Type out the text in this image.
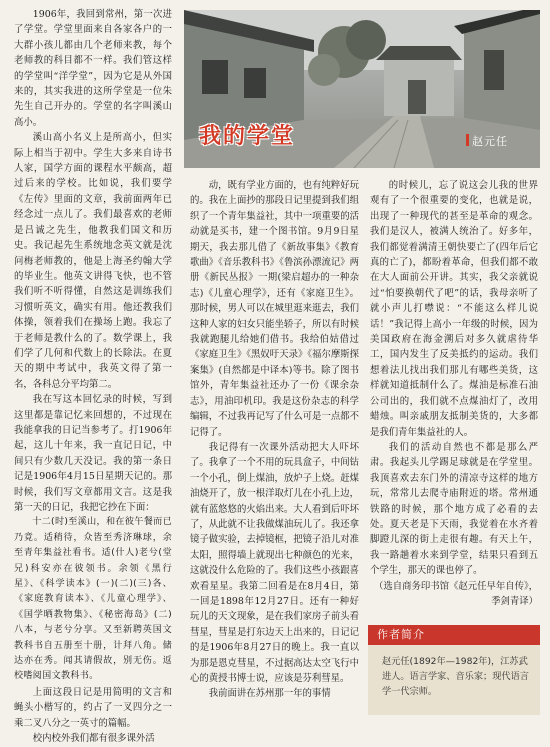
1906年，我回到常州，第一次进了学堂。学堂里面来自各家各户的一大群小孩儿都由几个老师来教，每个老师教的科目都不一样。我们管这样的学堂叫“洋学堂”，因为它是从外国来的，其实我进的这所学堂是一位朱先生自己开办的。学堂的名字叫溪山高小。

溪山高小名义上是所高小，但实际上相当于初中。学生大多来自诗书人家，国学方面的课程水平颇高，超过后来的学校。比如说，我们要学《左传》里面的文章，我前面两年已经念过一点儿了。我们最喜欢的老师是吕诚之先生，他教我们国文和历史。我记起先生系统地念英文就是沈问梅老师教的，他是上海圣约翰大学的毕业生。他英文讲得飞快，也不管我们听不听得懂，自然这是训练我们习惯听英文，确实有用。他还教我们体操，领着我们在操场上跑。我忘了于老师是教什么的了。数学课上，我们学了几何和代数上的长除法。在夏天的期中考试中，我英文得了第一名，各科总分平均第二。

我在写这本回忆录的时候，写到这里都是靠记忆来回想的，不过现在我能拿我的日记当参考了。打1906年起，这儿十年来，我一直记日记，中间只有少数几天没记。我的第一条日记是1906年4月15日星期天记的。那时候，我们写文章都用文言。这是我第一天的日记，我把它抄在下面：

十二(时)至溪山，和在彼午餐而已乃竟。适稍待，众皆至秀济琳球，余至青年集益社看书。适(什人)老兮(堂兄)科安亦在彼领书。余领《黑行星》、《科学读本》(一)(二)(三)各、《家庭教育读本》、《儿童心理学》、《国学晒教物集》、《秘密海岛》(二)八本，与老兮分享。又至新聘英国文教科书自五册至十册，计拜八角。储达亦在秀。闻其请假故，别无伤。返校嗜阅国文教科书。

上面这段日记是用简明的文言和蝇头小楷写的，约占了一叉四分之一乘二叉八分之一英寸的篇幅。

校内校外我们都有很多课外活

我的学堂	赵元任

动，既有学业方面的，也有纯粹好玩的。我在上面抄的那段日记里提到我们组织了一个青年集益社，其中一项重要的活动就是买书，建一个图书馆。9月9日星期天，我去那儿借了《新故事集》《教育歌曲》《音乐教科书》《鲁滨孙漂流记》两册《新民丛报》一期(梁启超办的一种杂志)《儿童心理学》，还有《家庭卫生》。那时候，男人可以在城里逛来逛去，我们这种人家的妇女只能坐轿子，所以有时候我就跑腿儿给她们借书。我给伯姑借过《家庭卫生》《黑奴吁天录》《福尔摩斯探案集》(自然都是中译本)等书。除了图书馆外，青年集益社还办了一份《课余杂志》，用油印机印。我是这份杂志的科学编辑，不过我再记写了什么可是一点都不记得了。

我记得有一次课外活动把大人吓坏了。我拿了一个不用的玩具盒子，中间钻一个小孔，倒上煤油，放炉子上烧。赶煤油烧开了，放一根洋取灯儿在小孔上边，就有蓝悠悠的火焰出来。大人看到后吓坏了，从此就不让我做煤油玩儿了。我还拿镜子做实验，去掉镜框，把镜子沿儿对准太阳，照得墙上就现出七种颜色的光来，这就没什么危险的了。我们这些小孩跟喜欢看星星。我第二回看是在8月4日，第一回是1898年12月27日。还有一种好玩儿的天文现象，是在我们家房子前头看彗星，彗星是打东边天上出来的，日记记的是1906年8月27日的晚上。我一直以为那是恩克彗星，不过据高达太空飞行中心的黄授书博士说，应该是芬利彗星。

我前面讲在苏州那一年的事情

的时候儿，忘了说这会儿我的世界观有了一个很重要的变化，也就是说，出现了一种现代的甚至是革命的观念。我们是汉人，被满人统治了。好多年，我们都觉着满清王朝快要亡了(四年后它真的亡了)，都盼着革命，但我们都不敢在大人面前公开讲。其实，我父亲就说过“怕要换朝代了吧”的话，我母亲听了就小声儿打噤说：“不能这么样儿说话！”我记得上高小一年级的时候，因为美国政府在海金溯后对多久就虐待华工，国内发生了反美抵约的运动。我们想着法儿找出我们那儿有哪些美货，这样就知道抵制什么了。煤油是标准石油公司出的，我们就不点煤油灯了，改用蜡烛。叫亲戚朋友抵制美货的，大多都是我们青年集益社的人。

我们的活动自然也不都是那么严肃。我起头儿学踢足球就是在学堂里。我顶喜欢去东门外的清凉寺这样的地方玩，常常儿去爬寺庙附近的塔。常州通铁路的时候，那个地方成了必看的去处。夏天老是下天雨，我觉着在水齐着脚蹬儿深的街上走很有趣。有天上午，我一路趟着水来到学堂，结果只看到五个学生，那天的课也停了。

（选自商务印书馆《赵元任早年自传》，季剑青译）

作者简介

赵元任(1892年—1982年)，江苏武进人。语言学家、音乐家；现代语言学一代宗师。
